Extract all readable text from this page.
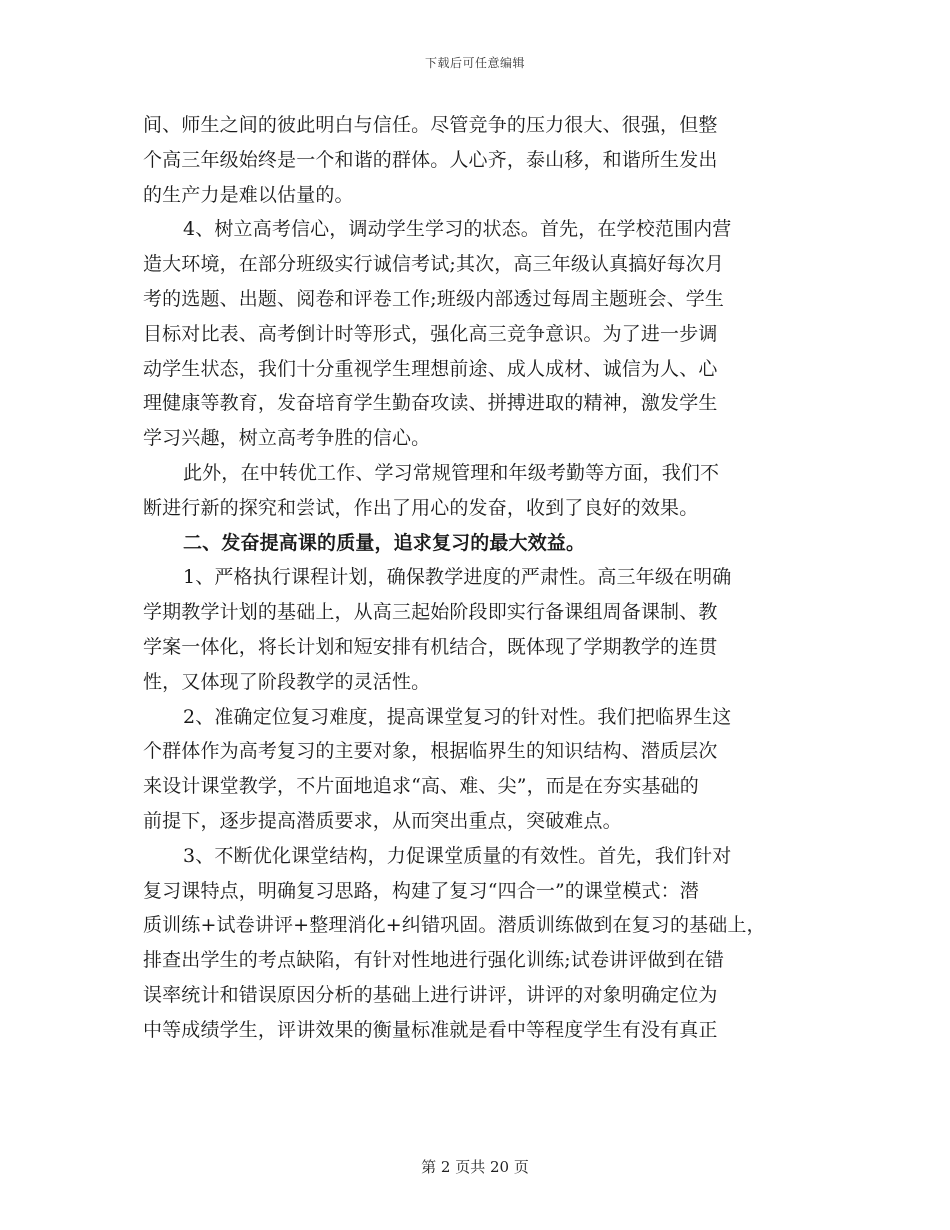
下载后可任意编辑
间、师生之间的彼此明白与信任。尽管竞争的压力很大、很强，但整
个高三年级始终是一个和谐的群体。人心齐，泰山移，和谐所生发出
的生产力是难以估量的。
4、树立高考信心，调动学生学习的状态。首先，在学校范围内营
造大环境，在部分班级实行诚信考试;其次，高三年级认真搞好每次月
考的选题、出题、阅卷和评卷工作;班级内部透过每周主题班会、学生
目标对比表、高考倒计时等形式，强化高三竞争意识。为了进一步调
动学生状态，我们十分重视学生理想前途、成人成材、诚信为人、心
理健康等教育，发奋培育学生勤奋攻读、拼搏进取的精神，激发学生
学习兴趣，树立高考争胜的信心。
此外，在中转优工作、学习常规管理和年级考勤等方面，我们不
断进行新的探究和尝试，作出了用心的发奋，收到了良好的效果。
二、发奋提高课的质量，追求复习的最大效益。
1、严格执行课程计划，确保教学进度的严肃性。高三年级在明确
学期教学计划的基础上，从高三起始阶段即实行备课组周备课制、教
学案一体化，将长计划和短安排有机结合，既体现了学期教学的连贯
性，又体现了阶段教学的灵活性。
2、准确定位复习难度，提高课堂复习的针对性。我们把临界生这
个群体作为高考复习的主要对象，根据临界生的知识结构、潜质层次
来设计课堂教学，不片面地追求“高、难、尖”，而是在夯实基础的
前提下，逐步提高潜质要求，从而突出重点，突破难点。
3、不断优化课堂结构，力促课堂质量的有效性。首先，我们针对
复习课特点，明确复习思路，构建了复习“四合一”的课堂模式：潜
质训练+试卷讲评+整理消化+纠错巩固。潜质训练做到在复习的基础上，
排查出学生的考点缺陷，有针对性地进行强化训练;试卷讲评做到在错
误率统计和错误原因分析的基础上进行讲评，讲评的对象明确定位为
中等成绩学生，评讲效果的衡量标准就是看中等程度学生有没有真正
第 2 页共 20 页
